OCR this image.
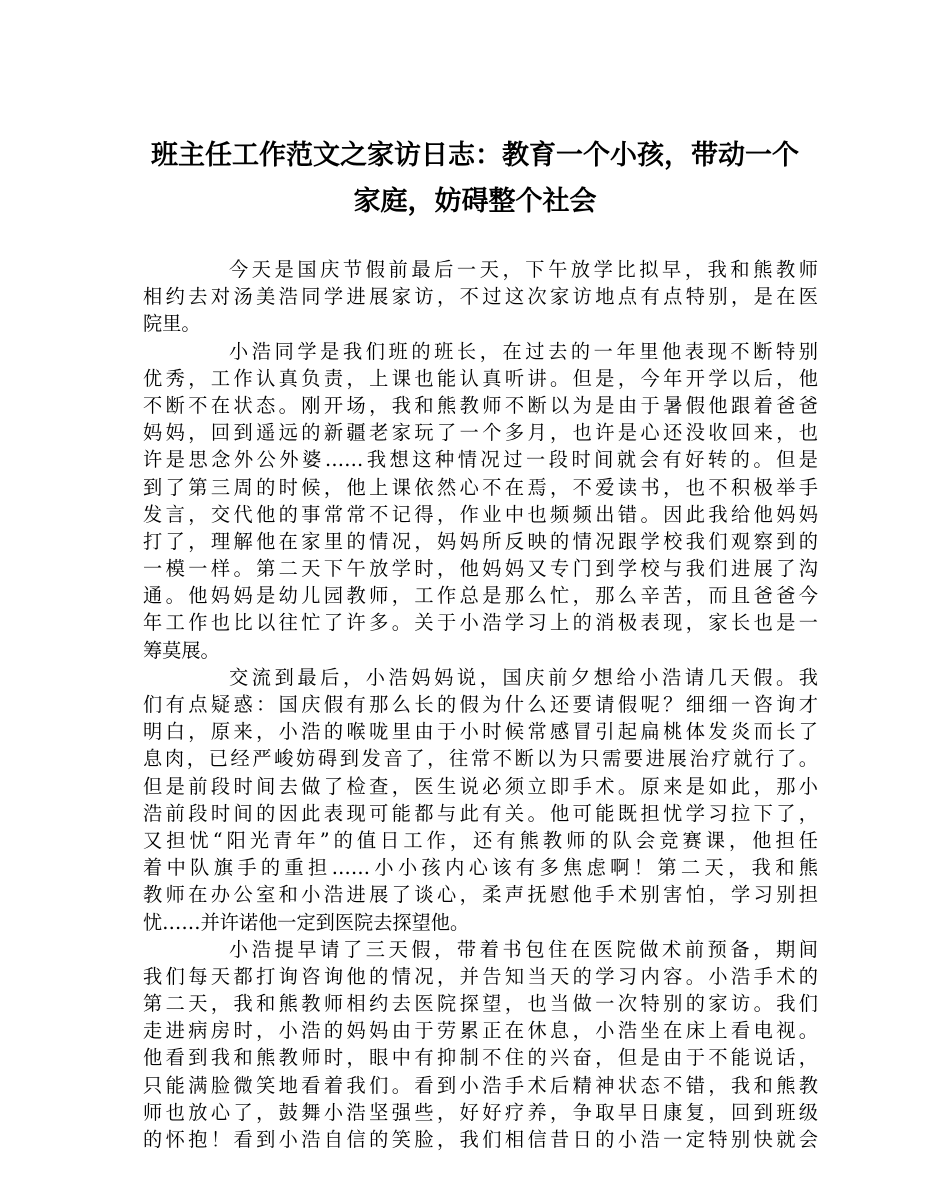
班主任工作范文之家访日志：教育一个小孩，带动一个
家庭，妨碍整个社会
今天是国庆节假前最后一天，下午放学比拟早，我和熊教师
相约去对汤美浩同学进展家访，不过这次家访地点有点特别，是在医
院里。
小浩同学是我们班的班长，在过去的一年里他表现不断特别
优秀，工作认真负责，上课也能认真听讲。但是，今年开学以后，他
不断不在状态。刚开场，我和熊教师不断以为是由于暑假他跟着爸爸
妈妈，回到遥远的新疆老家玩了一个多月，也许是心还没收回来，也
许是思念外公外婆……我想这种情况过一段时间就会有好转的。但是
到了第三周的时候，他上课依然心不在焉，不爱读书，也不积极举手
发言，交代他的事常常不记得，作业中也频频出错。因此我给他妈妈
打了，理解他在家里的情况，妈妈所反映的情况跟学校我们观察到的
一模一样。第二天下午放学时，他妈妈又专门到学校与我们进展了沟
通。他妈妈是幼儿园教师，工作总是那么忙，那么辛苦，而且爸爸今
年工作也比以往忙了许多。关于小浩学习上的消极表现，家长也是一
筹莫展。
交流到最后，小浩妈妈说，国庆前夕想给小浩请几天假。我
们有点疑惑：国庆假有那么长的假为什么还要请假呢？细细一咨询才
明白，原来，小浩的喉咙里由于小时候常感冒引起扁桃体发炎而长了
息肉，已经严峻妨碍到发音了，往常不断以为只需要进展治疗就行了。
但是前段时间去做了检查，医生说必须立即手术。原来是如此，那小
浩前段时间的因此表现可能都与此有关。他可能既担忧学习拉下了，
又担忧“阳光青年”的值日工作，还有熊教师的队会竞赛课，他担任
着中队旗手的重担……小小孩内心该有多焦虑啊！第二天，我和熊
教师在办公室和小浩进展了谈心，柔声抚慰他手术别害怕，学习别担
忧……并许诺他一定到医院去探望他。
小浩提早请了三天假，带着书包住在医院做术前预备，期间
我们每天都打询咨询他的情况，并告知当天的学习内容。小浩手术的
第二天，我和熊教师相约去医院探望，也当做一次特别的家访。我们
走进病房时，小浩的妈妈由于劳累正在休息，小浩坐在床上看电视。
他看到我和熊教师时，眼中有抑制不住的兴奋，但是由于不能说话，
只能满脸微笑地看着我们。看到小浩手术后精神状态不错，我和熊教
师也放心了，鼓舞小浩坚强些，好好疗养，争取早日康复，回到班级
的怀抱！看到小浩自信的笑脸，我们相信昔日的小浩一定特别快就会
